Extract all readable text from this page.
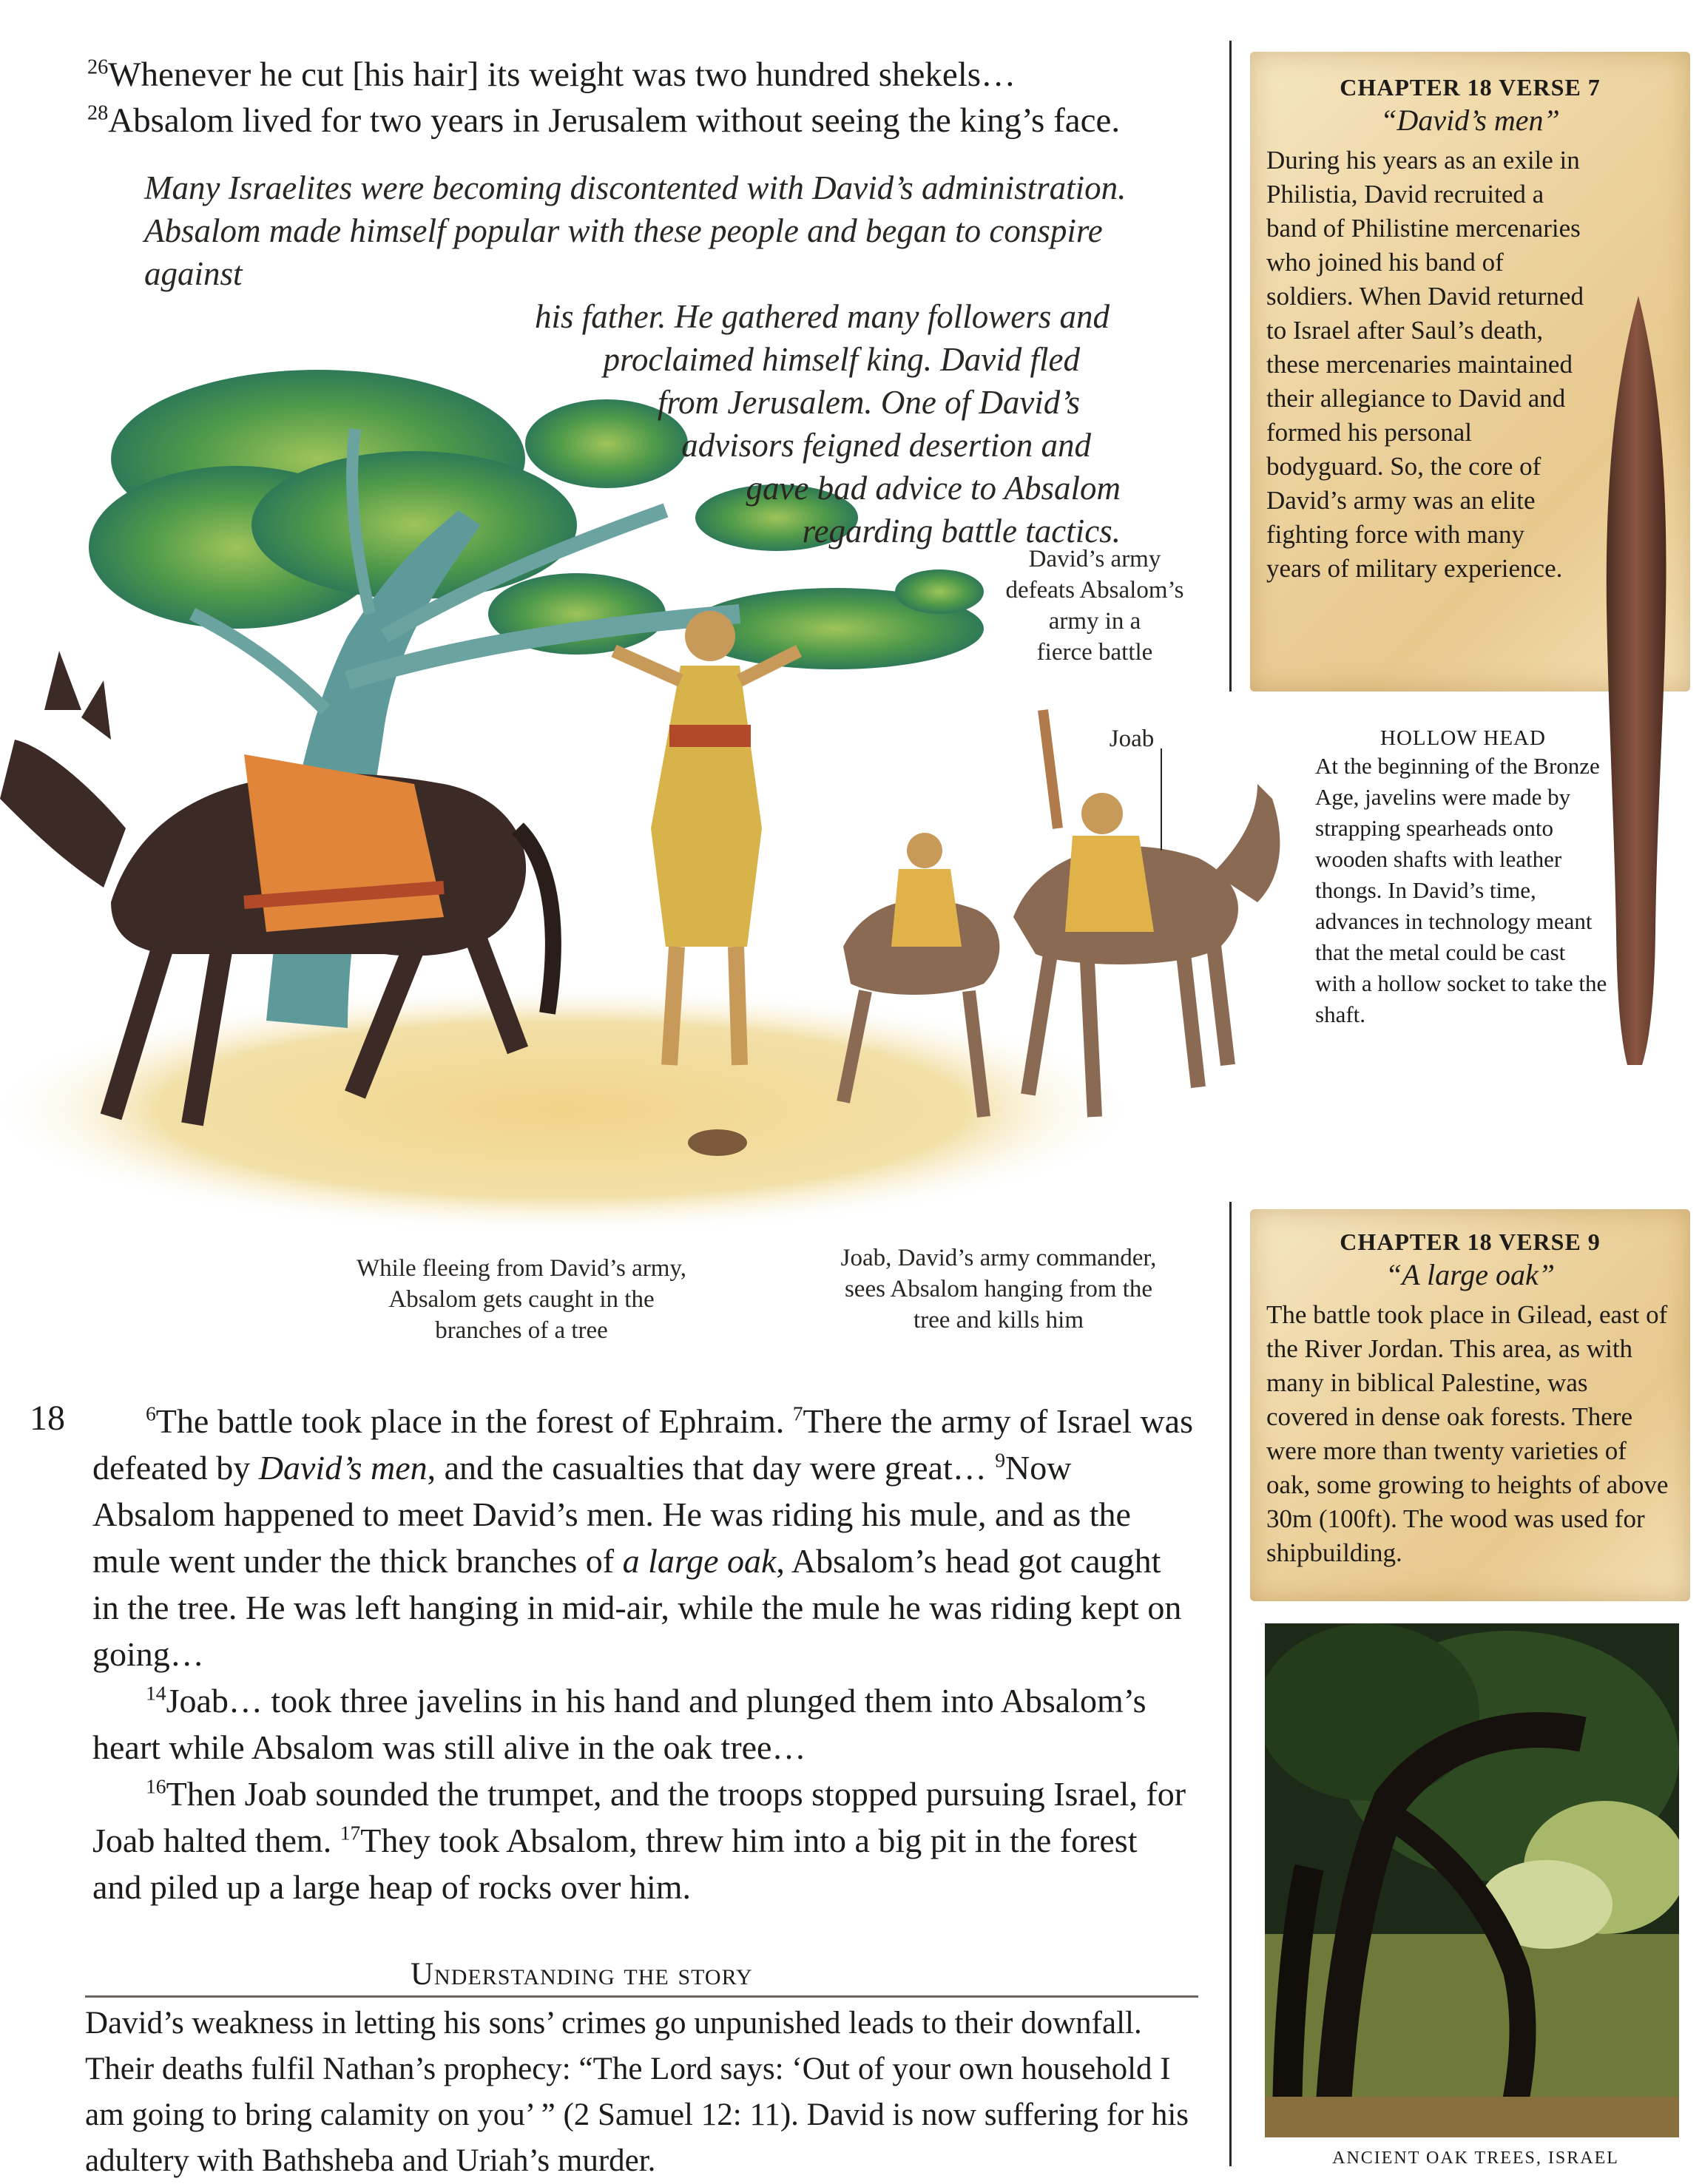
$^{26}$Whenever he cut [his hair] its weight was two hundred shekels…

$^{28}$Absalom lived for two years in Jerusalem without seeing the king’s face.

Many Israelites were becoming discontented with David’s administration.
Absalom made himself popular with these people and began to conspire against
his father. He gathered many followers and
proclaimed himself king. David fled
from Jerusalem. One of David’s
advisors feigned desertion and
gave bad advice to Absalom
regarding battle tactics.
David’s army
defeats Absalom’s
army in a
fierce battle
Joab
While fleeing from David’s army,
Absalom gets caught in the
branches of a tree
Joab, David’s army commander,
sees Absalom hanging from the
tree and kills him
18	$^6$The battle took place in the forest of Ephraim. $^7$There the army of Israel was defeated by David’s men, and the casualties that day were great… $^9$Now Absalom happened to meet David’s men. He was riding his mule, and as the mule went under the thick branches of a large oak, Absalom’s head got caught in the tree. He was left hanging in mid-air, while the mule he was riding kept on going…

$^{14}$Joab… took three javelins in his hand and plunged them into Absalom’s heart while Absalom was still alive in the oak tree…

$^{16}$Then Joab sounded the trumpet, and the troops stopped pursuing Israel, for Joab halted them. $^{17}$They took Absalom, threw him into a big pit in the forest and piled up a large heap of rocks over him.

Understanding the story

David’s weakness in letting his sons’ crimes go unpunished leads to their downfall. Their deaths fulfil Nathan’s prophecy: “The Lord says: ‘Out of your own household I am going to bring calamity on you’ ” (2 Samuel 12: 11). David is now suffering for his adultery with Bathsheba and Uriah’s murder.

CHAPTER 18 VERSE 7
“David’s men”
During his years as an exile in Philistia, David recruited a band of Philistine mercenaries who joined his band of soldiers. When David returned to Israel after Saul’s death, these mercenaries maintained their allegiance to David and formed his personal bodyguard. So, the core of David’s army was an elite fighting force with many years of military experience.
HOLLOW HEAD
At the beginning of the Bronze Age, javelins were made by strapping spearheads onto wooden shafts with leather thongs. In David’s time, advances in technology meant that the metal could be cast with a hollow socket to take the shaft.
CHAPTER 18 VERSE 9
“A large oak”
The battle took place in Gilead, east of the River Jordan. This area, as with many in biblical Palestine, was covered in dense oak forests. There were more than twenty varieties of oak, some growing to heights of above 30m (100ft). The wood was used for shipbuilding.
ANCIENT OAK TREES, ISRAEL
